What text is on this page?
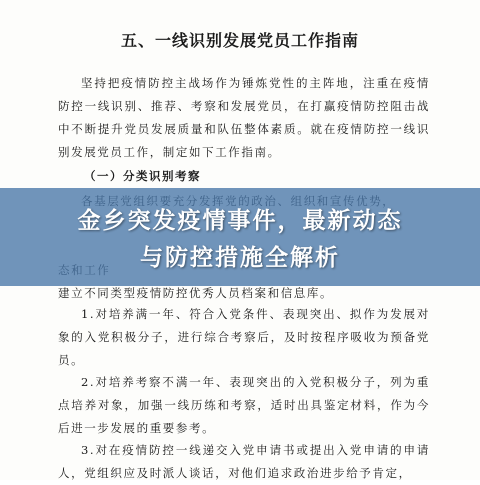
五、一线识别发展党员工作指南

坚持把疫情防控主战场作为锤炼党性的主阵地，注重在疫情防控一线识别、推荐、考察和发展党员，在打赢疫情防控阻击战中不断提升党员发展质量和队伍整体素质。就在疫情防控一线识别发展党员工作，制定如下工作指南。

（一）分类识别考察

建立不同类型疫情防控优秀人员档案和信息库。

1.对培养满一年、符合入党条件、表现突出、拟作为发展对象的入党积极分子，进行综合考察后，及时按程序吸收为预备党员。

2.对培养考察不满一年、表现突出的入党积极分子，列为重点培养对象，加强一线历练和考察，适时出具鉴定材料，作为今后进一步发展的重要参考。

3.对在疫情防控一线递交入党申请书或提出入党申请的申请人，党组织应及时派人谈话，对他们追求政治进步给予肯定，

金乡突发疫情事件，最新动态
与防控措施全解析
